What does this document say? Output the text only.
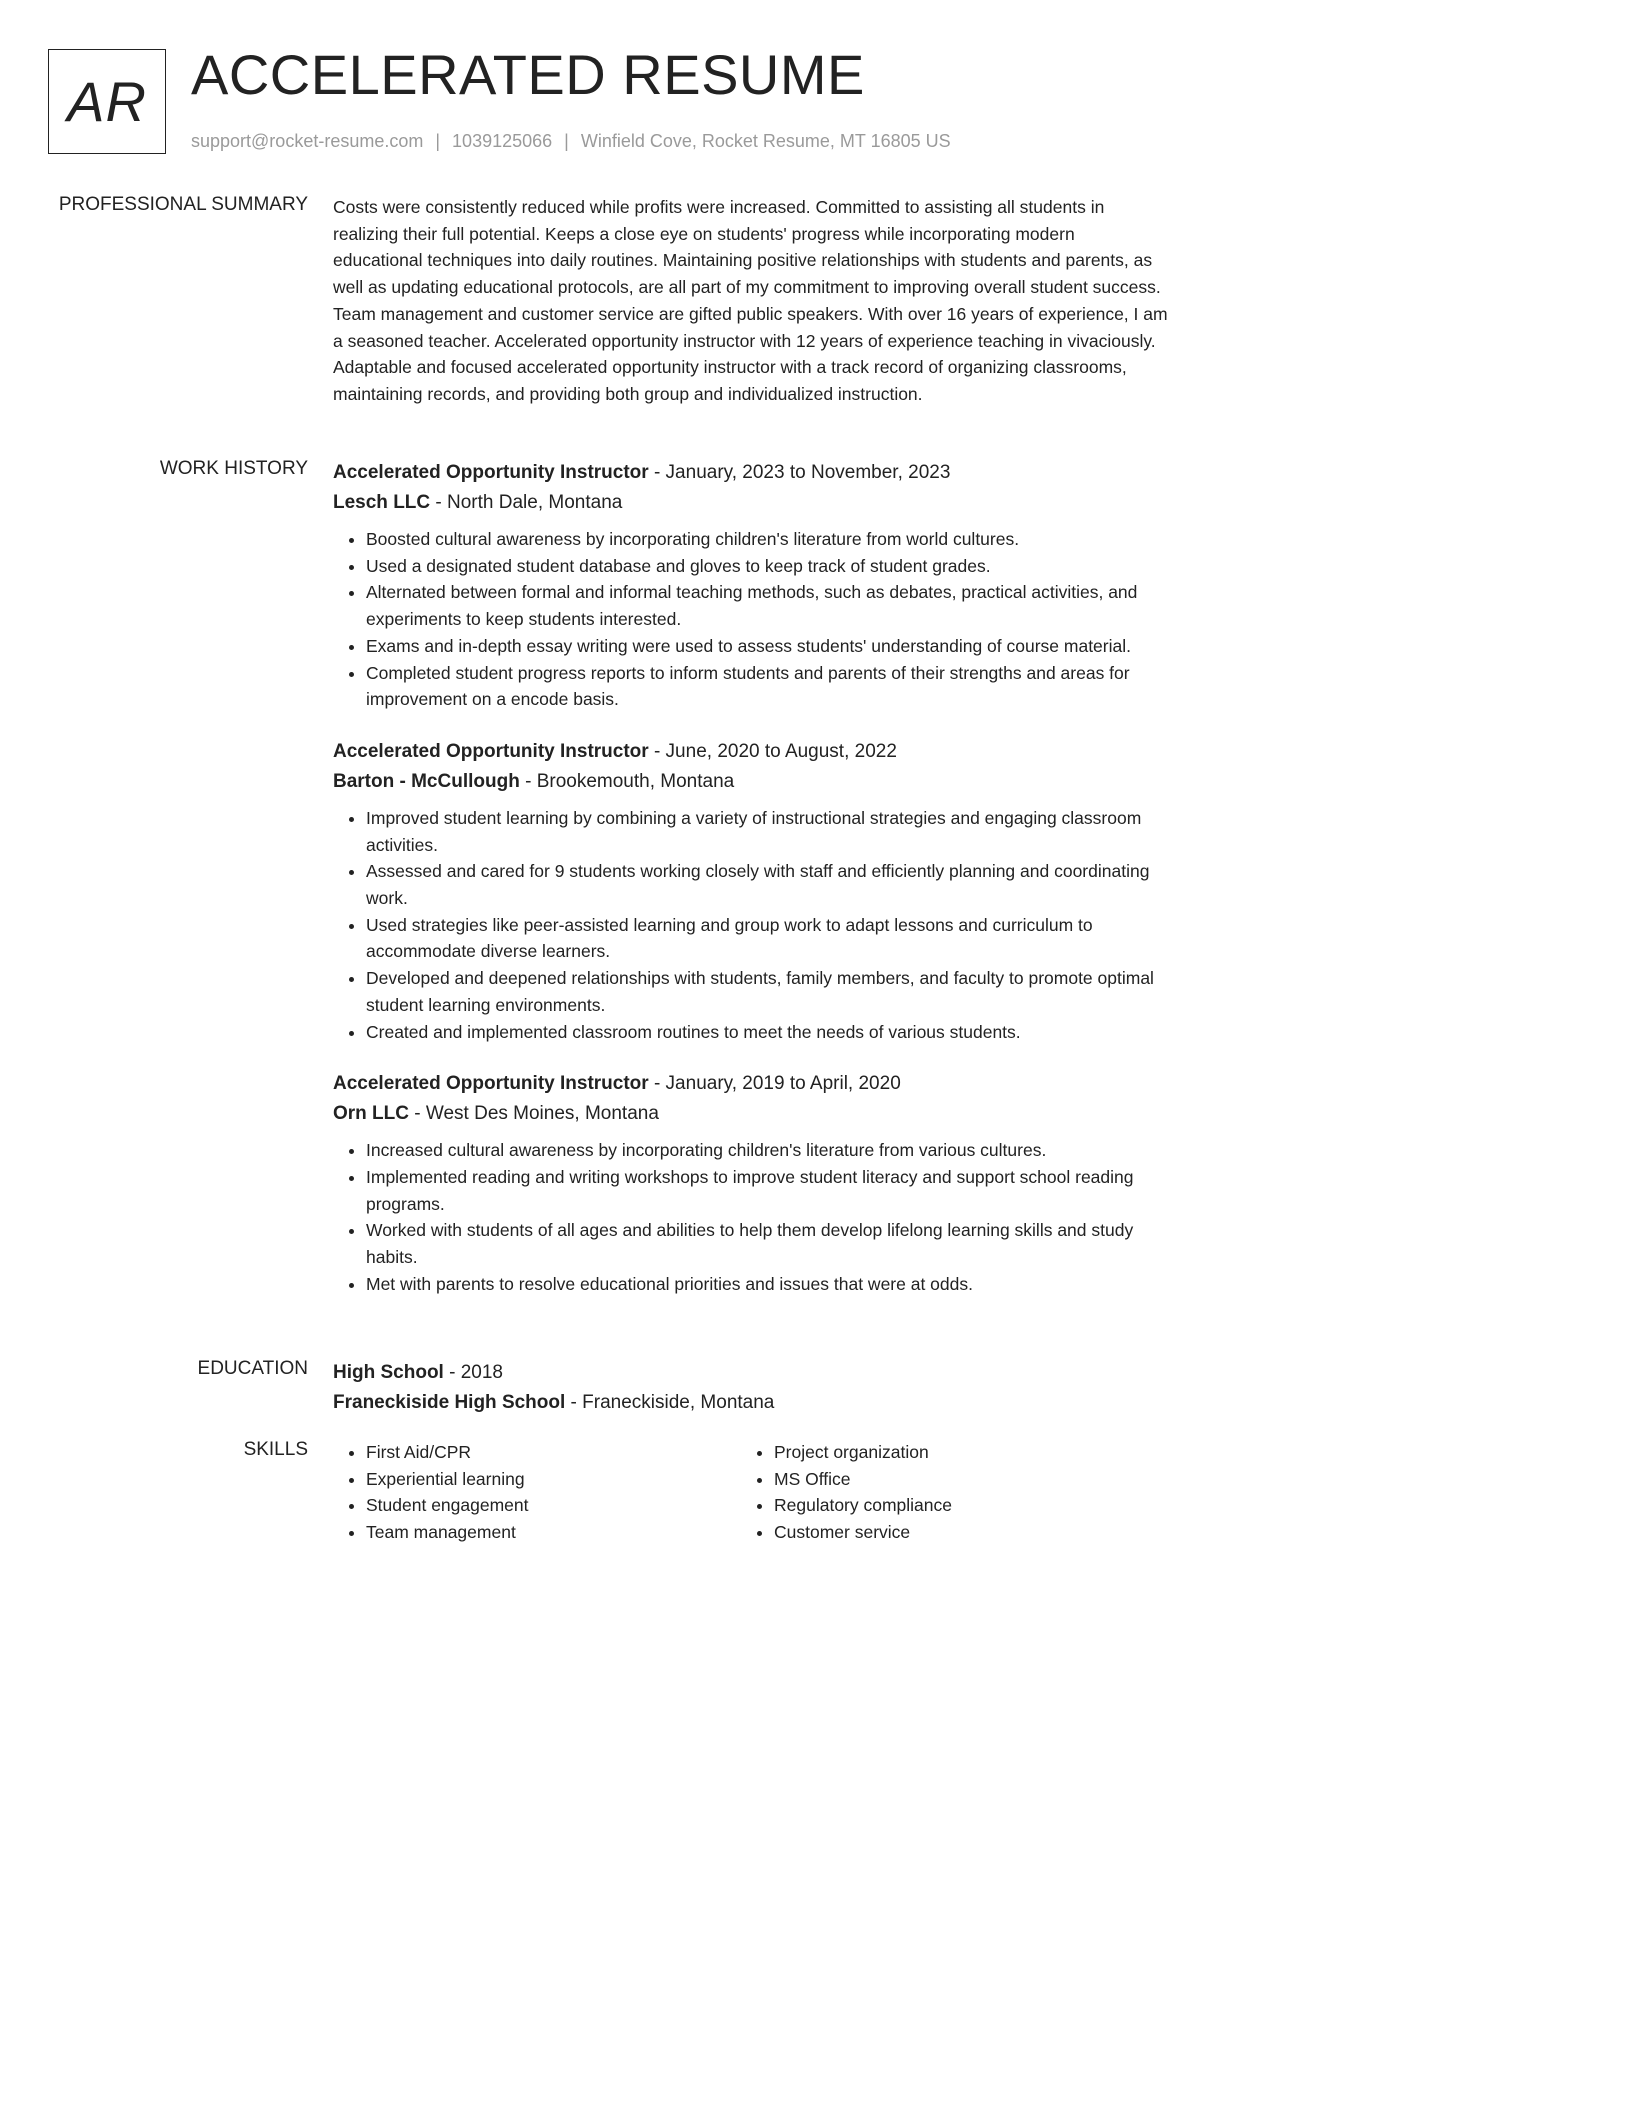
AR ACCELERATED RESUME
support@rocket-resume.com | 1039125066 | Winfield Cove, Rocket Resume, MT 16805 US
PROFESSIONAL SUMMARY Costs were consistently reduced while profits were increased. Committed to assisting all students in realizing their full potential. Keeps a close eye on students' progress while incorporating modern educational techniques into daily routines. Maintaining positive relationships with students and parents, as well as updating educational protocols, are all part of my commitment to improving overall student success. Team management and customer service are gifted public speakers. With over 16 years of experience, I am a seasoned teacher. Accelerated opportunity instructor with 12 years of experience teaching in vivaciously. Adaptable and focused accelerated opportunity instructor with a track record of organizing classrooms, maintaining records, and providing both group and individualized instruction.

WORK HISTORY Accelerated Opportunity Instructor - January, 2023 to November, 2023
Lesch LLC - North Dale, Montana
• Boosted cultural awareness by incorporating children's literature from world cultures.
• Used a designated student database and gloves to keep track of student grades.
• Alternated between formal and informal teaching methods, such as debates, practical activities, and experiments to keep students interested.
• Exams and in-depth essay writing were used to assess students' understanding of course material.
• Completed student progress reports to inform students and parents of their strengths and areas for improvement on a encode basis.
Accelerated Opportunity Instructor - June, 2020 to August, 2022
Barton - McCullough - Brookemouth, Montana
• Improved student learning by combining a variety of instructional strategies and engaging classroom activities.
• Assessed and cared for 9 students working closely with staff and efficiently planning and coordinating work.
• Used strategies like peer-assisted learning and group work to adapt lessons and curriculum to accommodate diverse learners.
• Developed and deepened relationships with students, family members, and faculty to promote optimal student learning environments.
• Created and implemented classroom routines to meet the needs of various students.
Accelerated Opportunity Instructor - January, 2019 to April, 2020
Orn LLC - West Des Moines, Montana
• Increased cultural awareness by incorporating children's literature from various cultures.
• Implemented reading and writing workshops to improve student literacy and support school reading programs.
• Worked with students of all ages and abilities to help them develop lifelong learning skills and study habits.
• Met with parents to resolve educational priorities and issues that were at odds.
EDUCATION High School - 2018
Franeckiside High School - Franeckiside, Montana
SKILLS
•	First Aid/CPR
• Experiential learning
• Student engagement
• Team management
• Project organization
• MS Office
• Regulatory compliance
• Customer service
